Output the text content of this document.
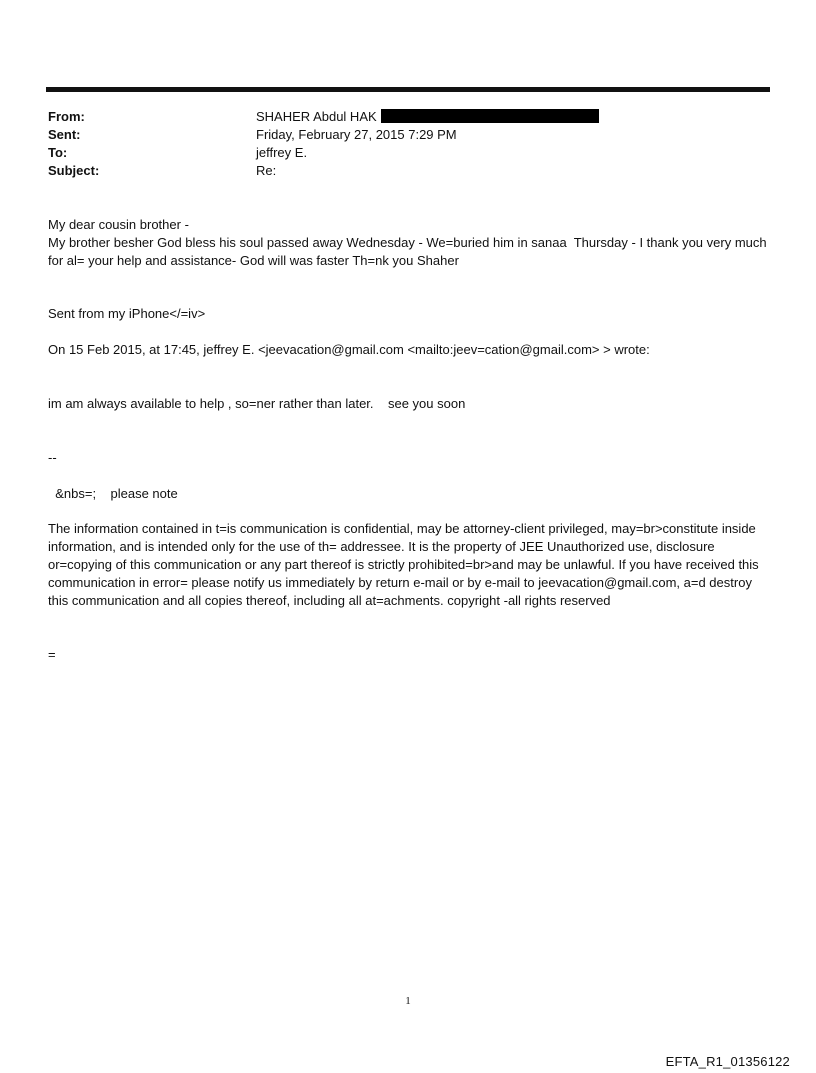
From:	SHAHER Abdul HAK
Sent:	Friday, February 27, 2015 7:29 PM
To:	jeffrey E.
Subject:	Re:

My dear cousin brother -

My brother besher God bless his soul passed away Wednesday - We=buried him in sanaa  Thursday - I thank you very much for al= your help and assistance- God will was faster Th=nk you Shaher

Sent from my iPhone</=iv>

On 15 Feb 2015, at 17:45, jeffrey E. <jeevacation@gmail.com <mailto:jeev=cation@gmail.com> > wrote:

im am always available to help , so=ner rather than later.    see you soon

--

&nbs=;    please note

The information contained in t=is communication is confidential, may be attorney-client privileged, may=br>constitute inside information, and is intended only for the use of th= addressee. It is the property of JEE Unauthorized use, disclosure or=copying of this communication or any part thereof is strictly prohibited=br>and may be unlawful. If you have received this communication in error= please notify us immediately by return e-mail or by e-mail to jeevacation@gmail.com, a=d destroy this communication and all copies thereof, including all at=achments. copyright -all rights reserved

=

1
EFTA_R1_01356122
